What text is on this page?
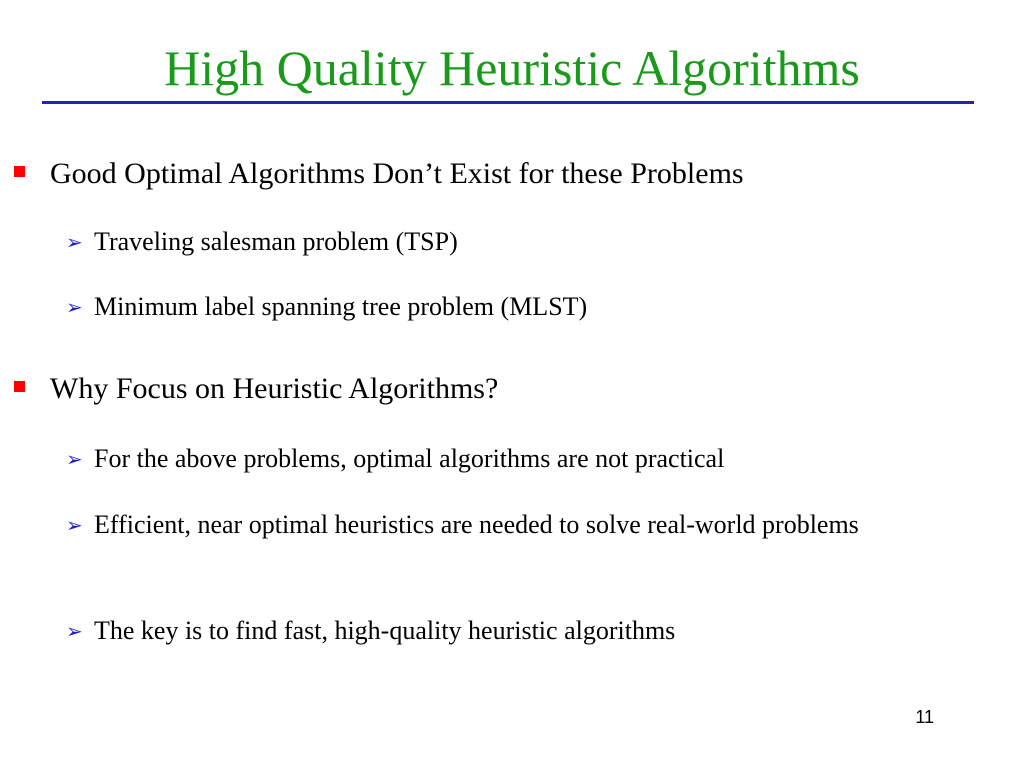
High Quality Heuristic Algorithms
Good Optimal Algorithms Don’t Exist for these Problems
➢ Traveling salesman problem (TSP)
➢ Minimum label spanning tree problem (MLST)
Why Focus on Heuristic Algorithms?
➢ For the above problems, optimal algorithms are not practical
➢ Efficient, near optimal heuristics are needed to solve real-world problems
➢ The key is to find fast, high-quality heuristic algorithms
11
